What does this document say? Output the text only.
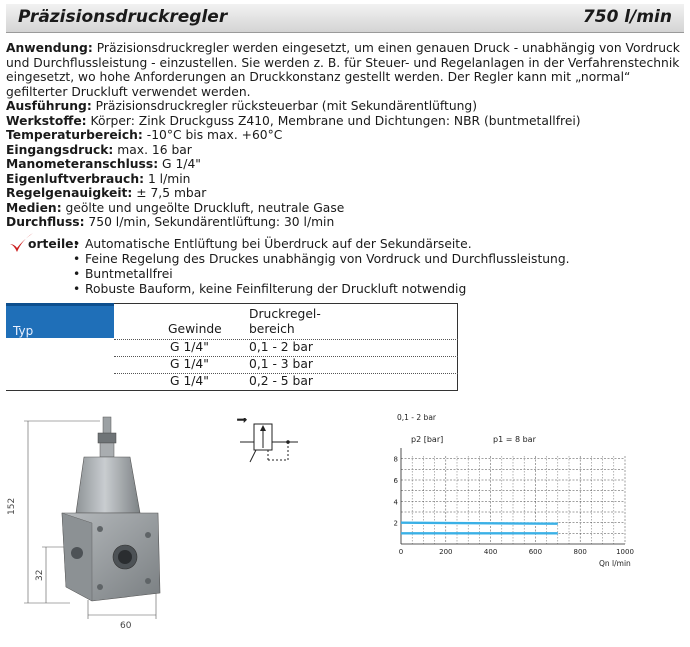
Präzisionsdruckregler	750 l/min

Anwendung: Präzisionsdruckregler werden eingesetzt, um einen genauen Druck - unabhängig von Vordruck und Durchflussleistung - einzustellen. Sie werden z. B. für Steuer- und Regelanlagen in der Verfahrenstechnik eingesetzt, wo hohe Anforderungen an Druckkonstanz gestellt werden. Der Regler kann mit „normal“ gefilterter Druckluft verwendet werden.

Ausführung: Präzisionsdruckregler rücksteuerbar (mit Sekundärentlüftung)

Werkstoffe: Körper: Zink Druckguss Z410, Membrane und Dichtungen: NBR (buntmetallfrei)

Temperaturbereich: -10°C bis max. +60°C

Eingangsdruck: max. 16 bar

Manometeranschluss: G 1/4"

Eigenluftverbrauch: 1 l/min

Regelgenauigkeit: ± 7,5 mbar

Medien: geölte und ungeölte Druckluft, neutrale Gase

Durchfluss: 750 l/min, Sekundärentlüftung: 30 l/min

orteile:
• Automatische Entlüftung bei Überdruck auf der Sekundärseite.
• Feine Regelung des Druckes unabhängig von Vordruck und Durchflussleistung.
• Buntmetallfrei
• Robuste Bauform, keine Feinfilterung der Druckluft notwendig
Typ	Gewinde
Druckregel-
bereich
G 1/4"	0,1 - 2 bar
G 1/4"	0,1 - 3 bar
G 1/4"	0,2 - 5 bar
152
32
60
0,1 - 2 bar
p2 [bar]	p1 = 8 bar
Qn l/min
2
4
6
8
0	200	400	600	800	1000
